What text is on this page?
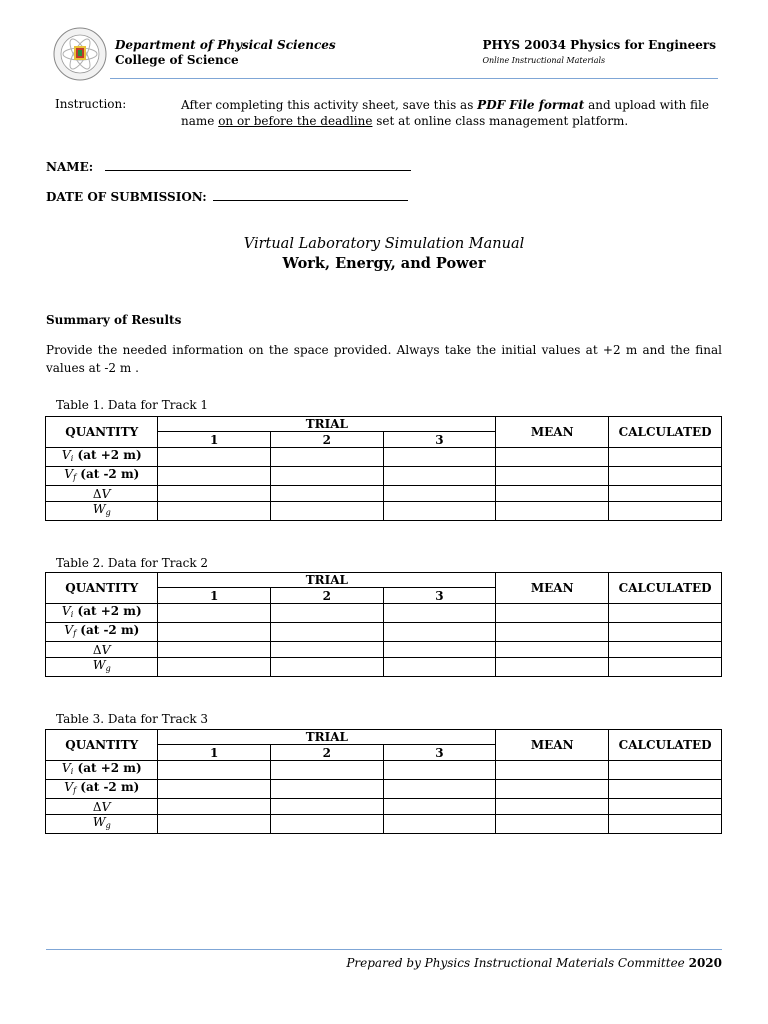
Department of Physical Sciences
College of Science
PHYS 20034 Physics for Engineers
Online Instructional Materials
Instruction:	After completing this activity sheet, save this as PDF File format and upload with file name on or before the deadline set at online class management platform.
NAME:
DATE OF SUBMISSION:
Virtual Laboratory Simulation Manual
Work, Energy, and Power
Summary of Results
Provide the needed information on the space provided. Always take the initial values at +2 m and the final values at -2 m .
Table 1. Data for Track 1
QUANTITY	TRIAL			MEAN	CALCULATED
	1	2	3		
$V_i$ (at +2 m)					
$V_f$ (at -2 m)					
ΔV					
$W_g$					
Table 2. Data for Track 2
QUANTITY	TRIAL			MEAN	CALCULATED
	1	2	3		
$V_i$ (at +2 m)					
$V_f$ (at -2 m)					
ΔV					
$W_g$					
Table 3. Data for Track 3
QUANTITY	TRIAL			MEAN	CALCULATED
	1	2	3		
$V_i$ (at +2 m)					
$V_f$ (at -2 m)					
ΔV					
$W_g$					
Prepared by Physics Instructional Materials Committee 2020
